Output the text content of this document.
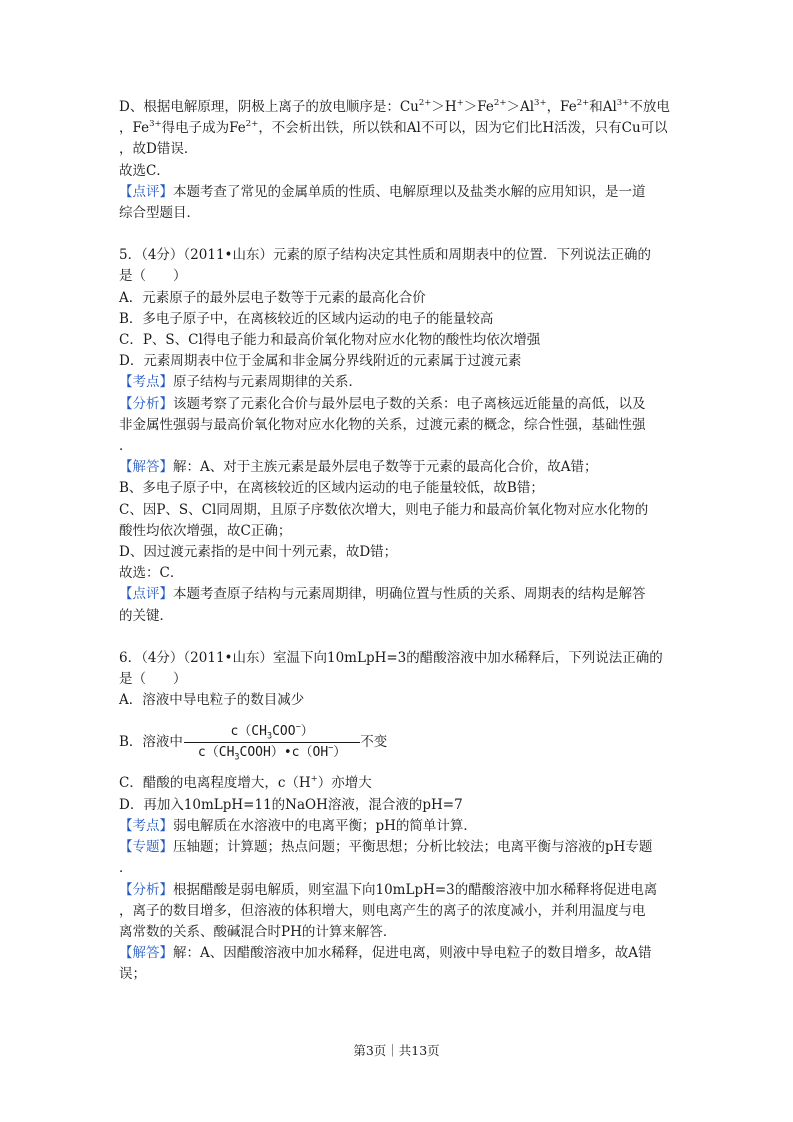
D、根据电解原理，阴极上离子的放电顺序是：$Cu^{2+}>H^+>Fe^{2+}>Al^{3+}$，$Fe^{2+}$和$Al^{3+}$不放电
，$Fe^{3+}$得电子成为$Fe^{2+}$，不会析出铁，所以铁和Al不可以，因为它们比H活泼，只有Cu可以
，故D错误．
故选C．
【点评】本题考查了常见的金属单质的性质、电解原理以及盐类水解的应用知识，是一道
综合型题目．
5．（4分）（2011•山东）元素的原子结构决定其性质和周期表中的位置．下列说法正确的
是（　　）
A．元素原子的最外层电子数等于元素的最高化合价
B．多电子原子中，在离核较近的区域内运动的电子的能量较高
C．P、S、Cl得电子能力和最高价氧化物对应水化物的酸性均依次增强
D．元素周期表中位于金属和非金属分界线附近的元素属于过渡元素
【考点】原子结构与元素周期律的关系．
【分析】该题考察了元素化合价与最外层电子数的关系：电子离核远近能量的高低，以及
非金属性强弱与最高价氧化物对应水化物的关系，过渡元素的概念，综合性强，基础性强
．
【解答】解：A、对于主族元素是最外层电子数等于元素的最高化合价，故A错；
B、多电子原子中，在离核较近的区域内运动的电子能量较低，故B错；
C、因P、S、Cl同周期，且原子序数依次增大，则电子能力和最高价氧化物对应水化物的
酸性均依次增强，故C正确；
D、因过渡元素指的是中间十列元素，故D错；
故选：C．
【点评】本题考查原子结构与元素周期律，明确位置与性质的关系、周期表的结构是解答
的关键．
6．（4分）（2011•山东）室温下向10mLpH=3的醋酸溶液中加水稀释后，下列说法正确的
是（　　）
A．溶液中导电粒子的数目减少
B．溶液中 $\frac{c(CH_3COO^-)}{c(CH_3COOH)•c(OH^-)}$ 不变
C．醋酸的电离程度增大，c（H+）亦增大
D．再加入10mLpH=11的NaOH溶液，混合液的pH=7
【考点】弱电解质在水溶液中的电离平衡；pH的简单计算．
【专题】压轴题；计算题；热点问题；平衡思想；分析比较法；电离平衡与溶液的pH专题
．
【分析】根据醋酸是弱电解质，则室温下向10mLpH=3的醋酸溶液中加水稀释将促进电离
，离子的数目增多，但溶液的体积增大，则电离产生的离子的浓度减小，并利用温度与电
离常数的关系、酸碱混合时PH的计算来解答．
【解答】解：A、因醋酸溶液中加水稀释，促进电离，则液中导电粒子的数目增多，故A错
误；
第3页｜共13页
